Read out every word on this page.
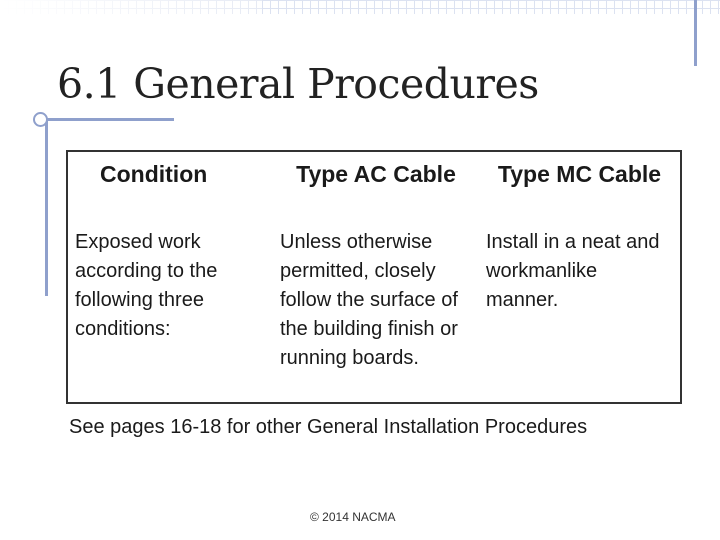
6.1 General Procedures
Condition	Type AC Cable	Type MC Cable
Exposed work according to the following three conditions:	Unless otherwise permitted, closely follow the surface of the building finish or running boards.	Install in a neat and workmanlike manner.
See pages 16-18 for other General Installation Procedures
© 2014 NACMA
